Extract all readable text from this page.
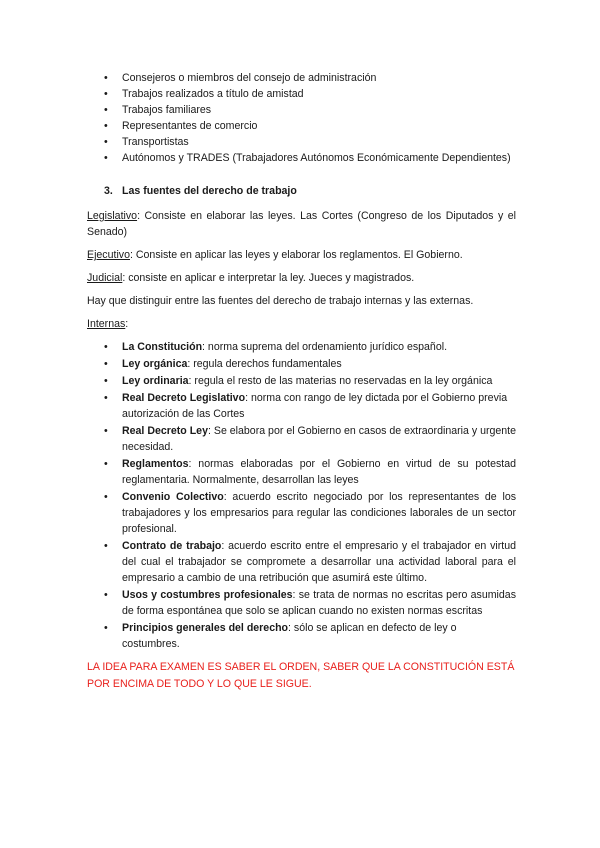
• Consejeros o miembros del consejo de administración
• Trabajos realizados a título de amistad
• Trabajos familiares
• Representantes de comercio
• Transportistas
• Autónomos y TRADES (Trabajadores Autónomos Económicamente Dependientes)
3. Las fuentes del derecho de trabajo

Legislativo: Consiste en elaborar las leyes. Las Cortes (Congreso de los Diputados y el Senado)

Ejecutivo: Consiste en aplicar las leyes y elaborar los reglamentos. El Gobierno.

Judicial: consiste en aplicar e interpretar la ley. Jueces y magistrados.

Hay que distinguir entre las fuentes del derecho de trabajo internas y las externas.

Internas:

• La Constitución: norma suprema del ordenamiento jurídico español.
• Ley orgánica: regula derechos fundamentales
• Ley ordinaria: regula el resto de las materias no reservadas en la ley orgánica
• Real Decreto Legislativo: norma con rango de ley dictada por el Gobierno previa autorización de las Cortes
• Real Decreto Ley: Se elabora por el Gobierno en casos de extraordinaria y urgente necesidad.
• Reglamentos: normas elaboradas por el Gobierno en virtud de su potestad reglamentaria. Normalmente, desarrollan las leyes
• Convenio Colectivo: acuerdo escrito negociado por los representantes de los trabajadores y los empresarios para regular las condiciones laborales de un sector profesional.
• Contrato de trabajo: acuerdo escrito entre el empresario y el trabajador en virtud del cual el trabajador se compromete a desarrollar una actividad laboral para el empresario a cambio de una retribución que asumirá este último.
• Usos y costumbres profesionales: se trata de normas no escritas pero asumidas de forma espontánea que solo se aplican cuando no existen normas escritas
• Principios generales del derecho: sólo se aplican en defecto de ley o costumbres.

LA IDEA PARA EXAMEN ES SABER EL ORDEN, SABER QUE LA CONSTITUCIÓN ESTÁ POR ENCIMA DE TODO Y LO QUE LE SIGUE.
